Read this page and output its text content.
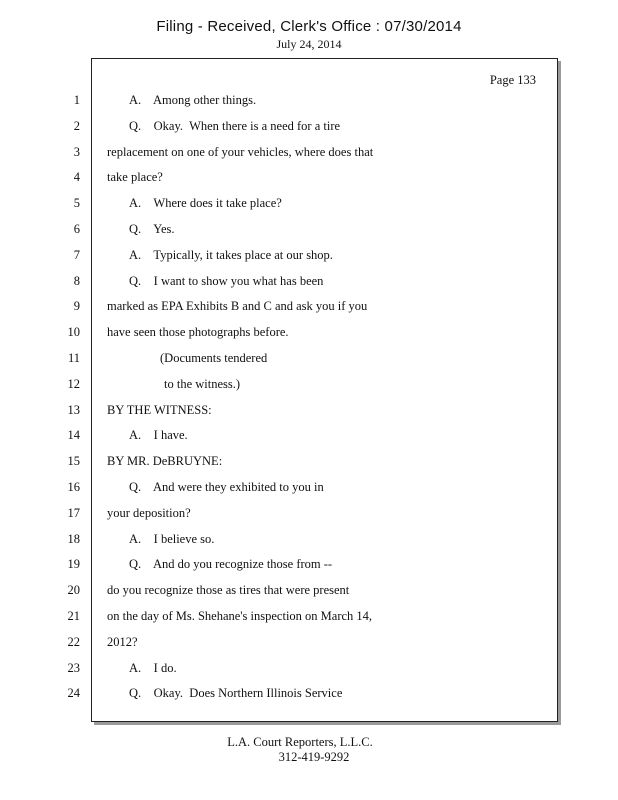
Filing - Received, Clerk's Office : 07/30/2014
July 24, 2014
Page 133
1	A.    Among other things.
2	Q.    Okay.  When there is a need for a tire
3 replacement on one of your vehicles, where does that
4 take place?
5	A.    Where does it take place?
6	Q.    Yes.
7	A.    Typically, it takes place at our shop.
8	Q.    I want to show you what has been
9 marked as EPA Exhibits B and C and ask you if you
10 have seen those photographs before.
11	(Documents tendered
12	to the witness.)
13 BY THE WITNESS:
14	A.    I have.
15 BY MR. DeBRUYNE:
16	Q.    And were they exhibited to you in
17 your deposition?
18	A.    I believe so.
19	Q.    And do you recognize those from --
20 do you recognize those as tires that were present
21 on the day of Ms. Shehane's inspection on March 14,
22 2012?
23	A.    I do.
24	Q.    Okay.  Does Northern Illinois Service
L.A. Court Reporters, L.L.C.
312-419-9292
